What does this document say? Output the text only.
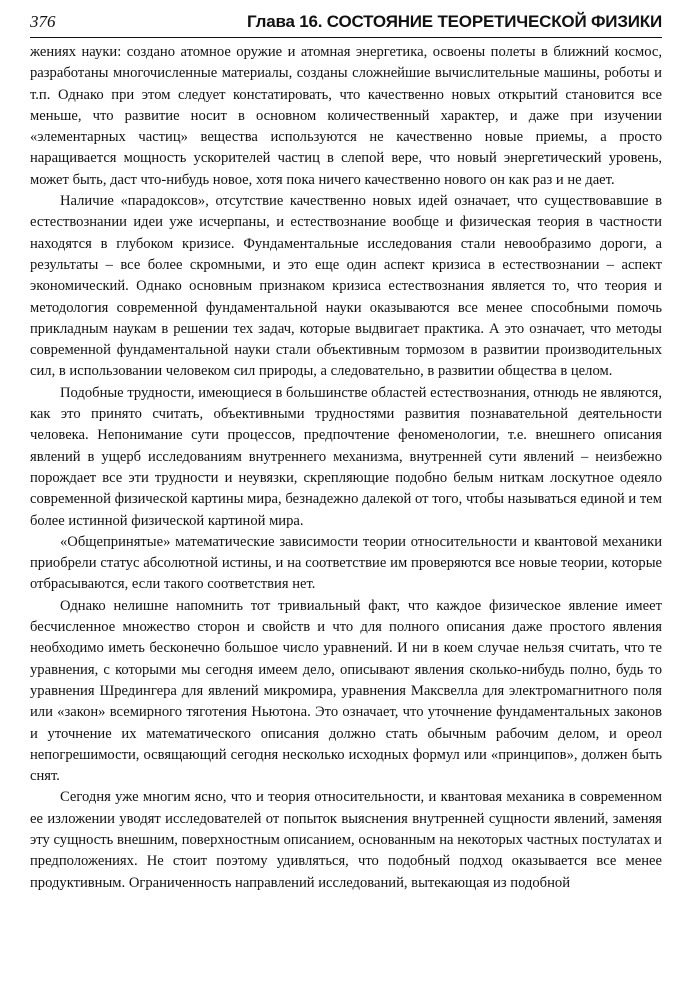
376	Глава 16. СОСТОЯНИЕ ТЕОРЕТИЧЕСКОЙ ФИЗИКИ

жениях науки: создано атомное оружие и атомная энергетика, освоены полеты в ближний космос, разработаны многочисленные материалы, созданы сложнейшие вычислительные машины, роботы и т.п. Однако при этом следует констатировать, что качественно новых открытий становится все меньше, что развитие носит в основном количественный характер, и даже при изучении «элементарных частиц» вещества используются не качественно новые приемы, а просто наращивается мощность ускорителей частиц в слепой вере, что новый энергетический уровень, может быть, даст что-нибудь новое, хотя пока ничего качественно нового он как раз и не дает.

Наличие «парадоксов», отсутствие качественно новых идей означает, что существовавшие в естествознании идеи уже исчерпаны, и естествознание вообще и физическая теория в частности находятся в глубоком кризисе. Фундаментальные исследования стали невообразимо дороги, а результаты – все более скромными, и это еще один аспект кризиса в естествознании – аспект экономический. Однако основным признаком кризиса естествознания является то, что теория и методология современной фундаментальной науки оказываются все менее способными помочь прикладным наукам в решении тех задач, которые выдвигает практика. А это означает, что методы современной фундаментальной науки стали объективным тормозом в развитии производительных сил, в использовании человеком сил природы, а следовательно, в развитии общества в целом.

Подобные трудности, имеющиеся в большинстве областей естествознания, отнюдь не являются, как это принято считать, объективными трудностями развития познавательной деятельности человека. Непонимание сути процессов, предпочтение феноменологии, т.е. внешнего описания явлений в ущерб исследованиям внутреннего механизма, внутренней сути явлений – неизбежно порождает все эти трудности и неувязки, скрепляющие подобно белым ниткам лоскутное одеяло современной физической картины мира, безнадежно далекой от того, чтобы называться единой и тем более истинной физической картиной мира.

«Общепринятые» математические зависимости теории относительности и квантовой механики приобрели статус абсолютной истины, и на соответствие им проверяются все новые теории, которые отбрасываются, если такого соответствия нет.

Однако нелишне напомнить тот тривиальный факт, что каждое физическое явление имеет бесчисленное множество сторон и свойств и что для полного описания даже простого явления необходимо иметь бесконечно большое число уравнений. И ни в коем случае нельзя считать, что те уравнения, с которыми мы сегодня имеем дело, описывают явления сколько-нибудь полно, будь то уравнения Шредингера для явлений микромира, уравнения Максвелла для электромагнитного поля или «закон» всемирного тяготения Ньютона. Это означает, что уточнение фундаментальных законов и уточнение их математического описания должно стать обычным рабочим делом, и ореол непогрешимости, освящающий сегодня несколько исходных формул или «принципов», должен быть снят.

Сегодня уже многим ясно, что и теория относительности, и квантовая механика в современном ее изложении уводят исследователей от попыток выяснения внутренней сущности явлений, заменяя эту сущность внешним, поверхностным описанием, основанным на некоторых частных постулатах и предположениях. Не стоит поэтому удивляться, что подобный подход оказывается все менее продуктивным. Ограниченность направлений исследований, вытекающая из подобной
